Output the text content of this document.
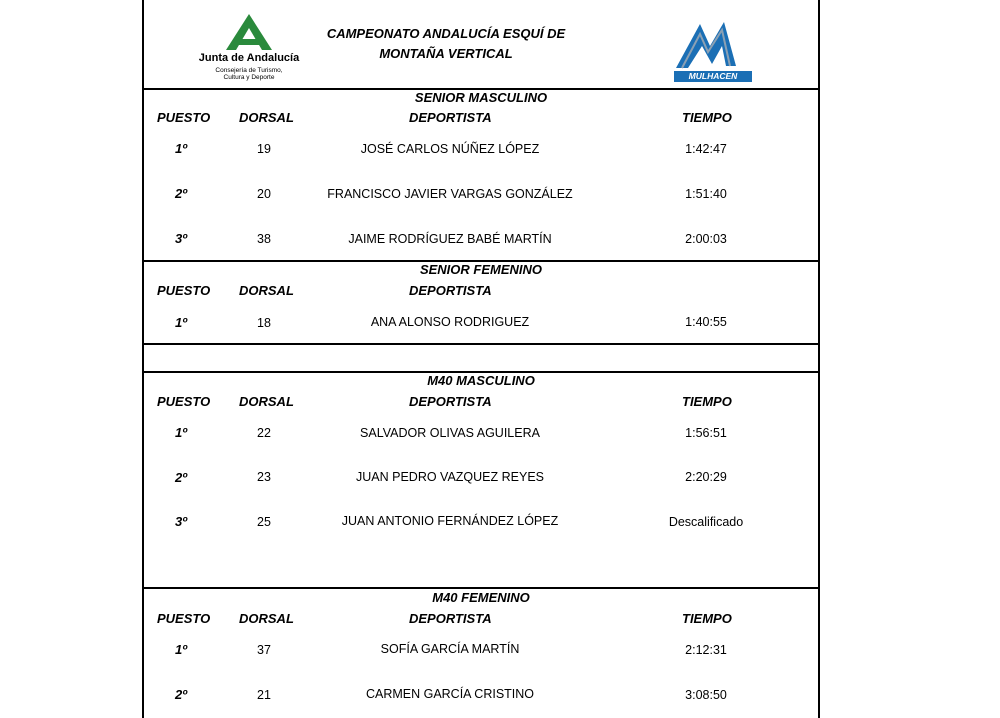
Junta de Andalucía
Consejería de Turismo,
Cultura y Deporte
CAMPEONATO ANDALUCÍA ESQUÍ DE
MONTAÑA VERTICAL
MULHACEN
SENIOR MASCULINO
PUESTO DORSAL	DEPORTISTA	TIEMPO
1º	19	JOSÉ CARLOS NÚÑEZ LÓPEZ	1:42:47
2º	20	FRANCISCO JAVIER VARGAS GONZÁLEZ	1:51:40
3º	38	JAIME RODRÍGUEZ BABÉ MARTÍN	2:00:03
SENIOR FEMENINO
PUESTO DORSAL	DEPORTISTA
1º	18	ANA ALONSO RODRIGUEZ	1:40:55
M40 MASCULINO
PUESTO DORSAL	DEPORTISTA	TIEMPO
1º	22	SALVADOR OLIVAS AGUILERA	1:56:51
2º	23	JUAN PEDRO VAZQUEZ REYES	2:20:29
3º	25	JUAN ANTONIO FERNÁNDEZ LÓPEZ	Descalificado
M40 FEMENINO
PUESTO DORSAL	DEPORTISTA	TIEMPO
1º	37	SOFÍA GARCÍA MARTÍN	2:12:31
2º	21	CARMEN GARCÍA CRISTINO	3:08:50
